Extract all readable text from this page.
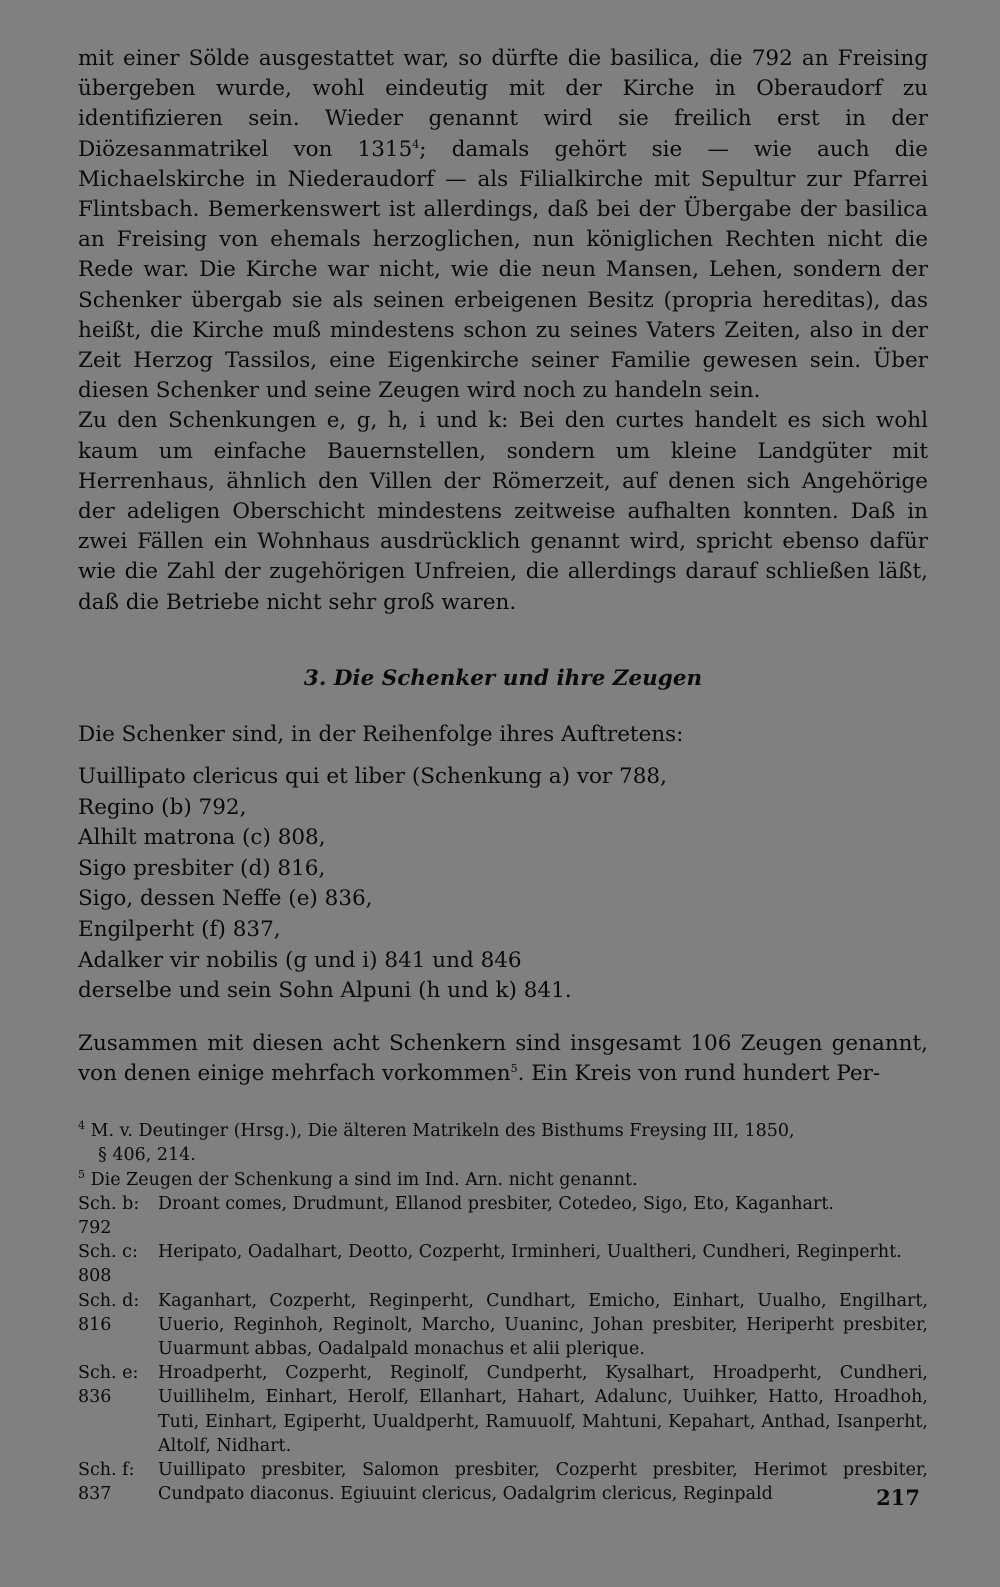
mit einer Sölde ausgestattet war, so dürfte die basilica, die 792 an Freising übergeben wurde, wohl eindeutig mit der Kirche in Oberaudorf zu identifizieren sein. Wieder genannt wird sie freilich erst in der Diözesanmatrikel von 1315$^4$; damals gehört sie — wie auch die Michaelskirche in Niederaudorf — als Filialkirche mit Sepultur zur Pfarrei Flintsbach. Bemerkenswert ist allerdings, daß bei der Übergabe der basilica an Freising von ehemals herzoglichen, nun königlichen Rechten nicht die Rede war. Die Kirche war nicht, wie die neun Mansen, Lehen, sondern der Schenker übergab sie als seinen erbeigenen Besitz (propria hereditas), das heißt, die Kirche muß mindestens schon zu seines Vaters Zeiten, also in der Zeit Herzog Tassilos, eine Eigenkirche seiner Familie gewesen sein. Über diesen Schenker und seine Zeugen wird noch zu handeln sein.

Zu den Schenkungen e, g, h, i und k: Bei den curtes handelt es sich wohl kaum um einfache Bauernstellen, sondern um kleine Landgüter mit Herrenhaus, ähnlich den Villen der Römerzeit, auf denen sich Angehörige der adeligen Oberschicht mindestens zeitweise aufhalten konnten. Daß in zwei Fällen ein Wohnhaus ausdrücklich genannt wird, spricht ebenso dafür wie die Zahl der zugehörigen Unfreien, die allerdings darauf schließen läßt, daß die Betriebe nicht sehr groß waren.

3. Die Schenker und ihre Zeugen

Die Schenker sind, in der Reihenfolge ihres Auftretens:

Uuillipato clericus qui et liber (Schenkung a) vor 788,
Regino (b) 792,
Alhilt matrona (c) 808,
Sigo presbiter (d) 816,
Sigo, dessen Neffe (e) 836,
Engilperht (f) 837,
Adalker vir nobilis (g und i) 841 und 846
derselbe und sein Sohn Alpuni (h und k) 841.

Zusammen mit diesen acht Schenkern sind insgesamt 106 Zeugen genannt, von denen einige mehrfach vorkommen$^5$. Ein Kreis von rund hundert Per-

$^4$ M. v. Deutinger (Hrsg.), Die älteren Matrikeln des Bisthums Freysing III, 1850,
§ 406, 214.

$^5$ Die Zeugen der Schenkung a sind im Ind. Arn. nicht genannt.

Sch. b:
792
Droant comes, Drudmunt, Ellanod presbiter, Cotedeo, Sigo, Eto, Kaganhart.
Sch. c:
808
Heripato, Oadalhart, Deotto, Cozperht, Irminheri, Uualtheri, Cundheri, Reginperht.
Sch. d:
816
Kaganhart, Cozperht, Reginperht, Cundhart, Emicho, Einhart, Uualho, Engilhart, Uuerio, Reginhoh, Reginolt, Marcho, Uuaninc, Johan presbiter, Heriperht presbiter, Uuarmunt abbas, Oadalpald monachus et alii plerique.
Sch. e:
836
Hroadperht, Cozperht, Reginolf, Cundperht, Kysalhart, Hroadperht, Cundheri, Uuillihelm, Einhart, Herolf, Ellanhart, Hahart, Adalunc, Uuihker, Hatto, Hroadhoh, Tuti, Einhart, Egiperht, Uualdperht, Ramuuolf, Mahtuni, Kepahart, Anthad, Isanperht, Altolf, Nidhart.
Sch. f:
837
Uuillipato presbiter, Salomon presbiter, Cozperht presbiter, Herimot presbiter, Cundpato diaconus. Egiuuint clericus, Oadalgrim clericus, Reginpald	217
